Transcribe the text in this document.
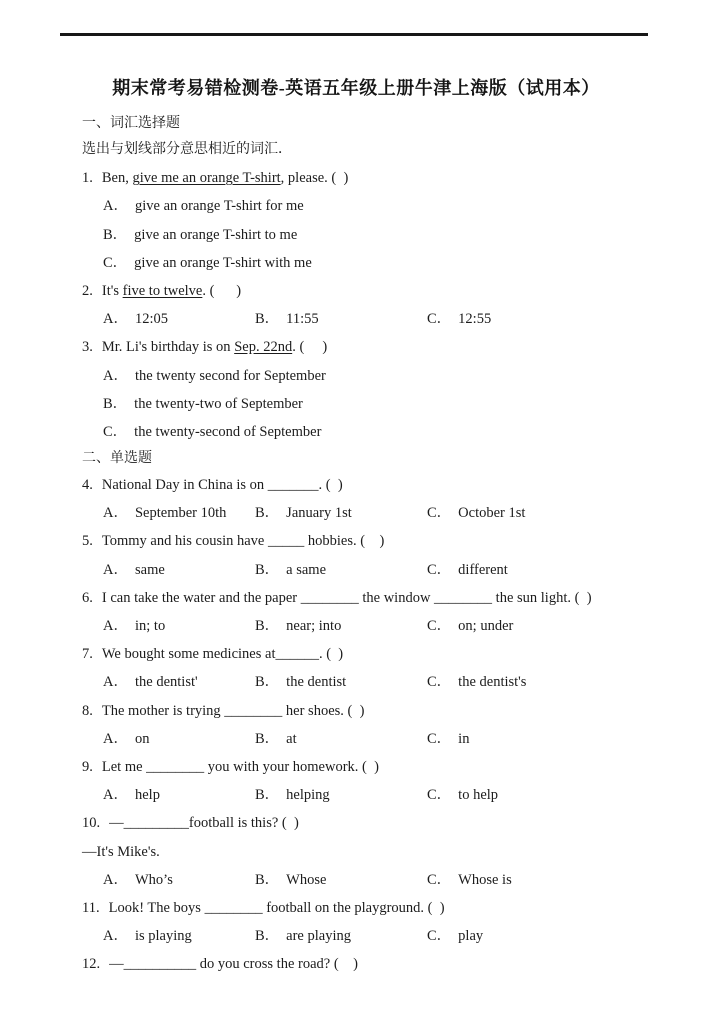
期末常考易错检测卷-英语五年级上册牛津上海版（试用本）
一、词汇选择题
选出与划线部分意思相近的词汇．
1. Ben, give me an orange T-shirt, please. (  )
A． give an orange T-shirt for me
B． give an orange T-shirt to me
C． give an orange T-shirt with me
2. It's five to twelve. (      )
A． 12:05	B． 11:55	C． 12:55
3. Mr. Li's birthday is on Sep. 22nd. (     )
A． the twenty second for September
B． the twenty-two of September
C． the twenty-second of September
二、单选题
4. National Day in China is on _______. (  )
A． September 10th	B． January 1st	C． October 1st
5. Tommy and his cousin have _____ hobbies. (    )
A． same	B． a same	C． different
6. I can take the water and the paper ________ the window ________ the sun light. (  )
A． in; to	B． near; into	C． on; under
7. We bought some medicines at______. (  )
A． the dentist'	B． the dentist	C． the dentist's
8. The mother is trying ________ her shoes. (  )
A． on	B． at	C． in
9. Let me ________ you with your homework. (  )
A． help	B． helping	C． to help
10. —_________football is this? (  )
—It's Mike's.
A． Who’s	B． Whose	C． Whose is
11. Look! The boys ________ football on the playground. (  )
A． is playing	B． are playing	C． play
12. —__________ do you cross the road? (    )
